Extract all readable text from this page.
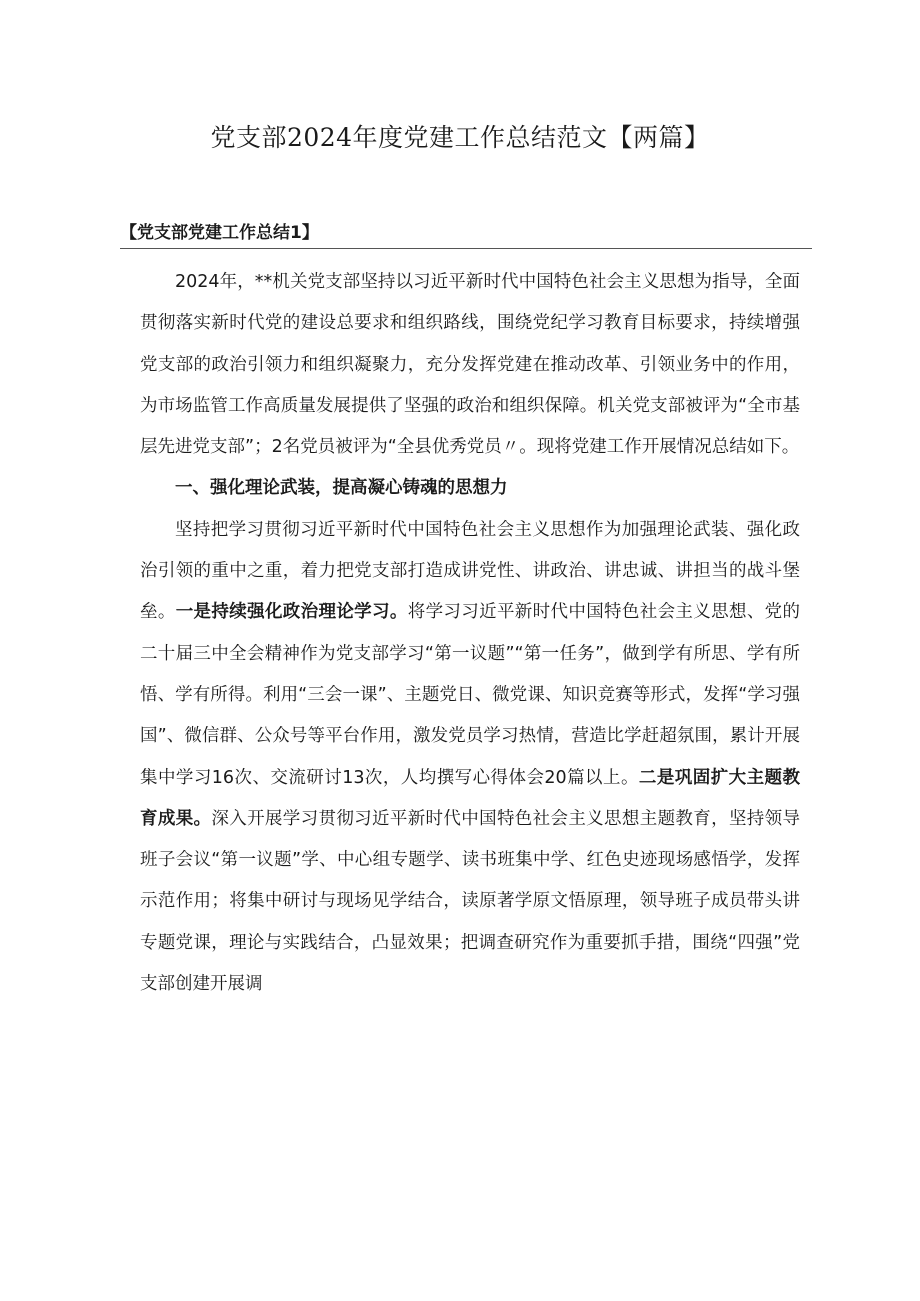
党支部2024年度党建工作总结范文【两篇】
【党支部党建工作总结1】

2024年，**机关党支部坚持以习近平新时代中国特色社会主义思想为指导，全面贯彻落实新时代党的建设总要求和组织路线，围绕党纪学习教育目标要求，持续增强党支部的政治引领力和组织凝聚力，充分发挥党建在推动改革、引领业务中的作用，为市场监管工作高质量发展提供了坚强的政治和组织保障。机关党支部被评为“全市基层先进党支部”；2名党员被评为“全县优秀党员〃。现将党建工作开展情况总结如下。

一、强化理论武装，提高凝心铸魂的思想力

坚持把学习贯彻习近平新时代中国特色社会主义思想作为加强理论武装、强化政治引领的重中之重，着力把党支部打造成讲党性、讲政治、讲忠诚、讲担当的战斗堡垒。一是持续强化政治理论学习。将学习习近平新时代中国特色社会主义思想、党的二十届三中全会精神作为党支部学习“第一议题”“第一任务”，做到学有所思、学有所悟、学有所得。利用“三会一课”、主题党日、微党课、知识竞赛等形式，发挥“学习强国”、微信群、公众号等平台作用，激发党员学习热情，营造比学赶超氛围，累计开展集中学习16次、交流研讨13次，人均撰写心得体会20篇以上。二是巩固扩大主题教育成果。深入开展学习贯彻习近平新时代中国特色社会主义思想主题教育，坚持领导班子会议“第一议题”学、中心组专题学、读书班集中学、红色史迹现场感悟学，发挥示范作用；将集中研讨与现场见学结合，读原著学原文悟原理，领导班子成员带头讲专题党课，理论与实践结合，凸显效果；把调查研究作为重要抓手措，围绕“四强”党支部创建开展调
